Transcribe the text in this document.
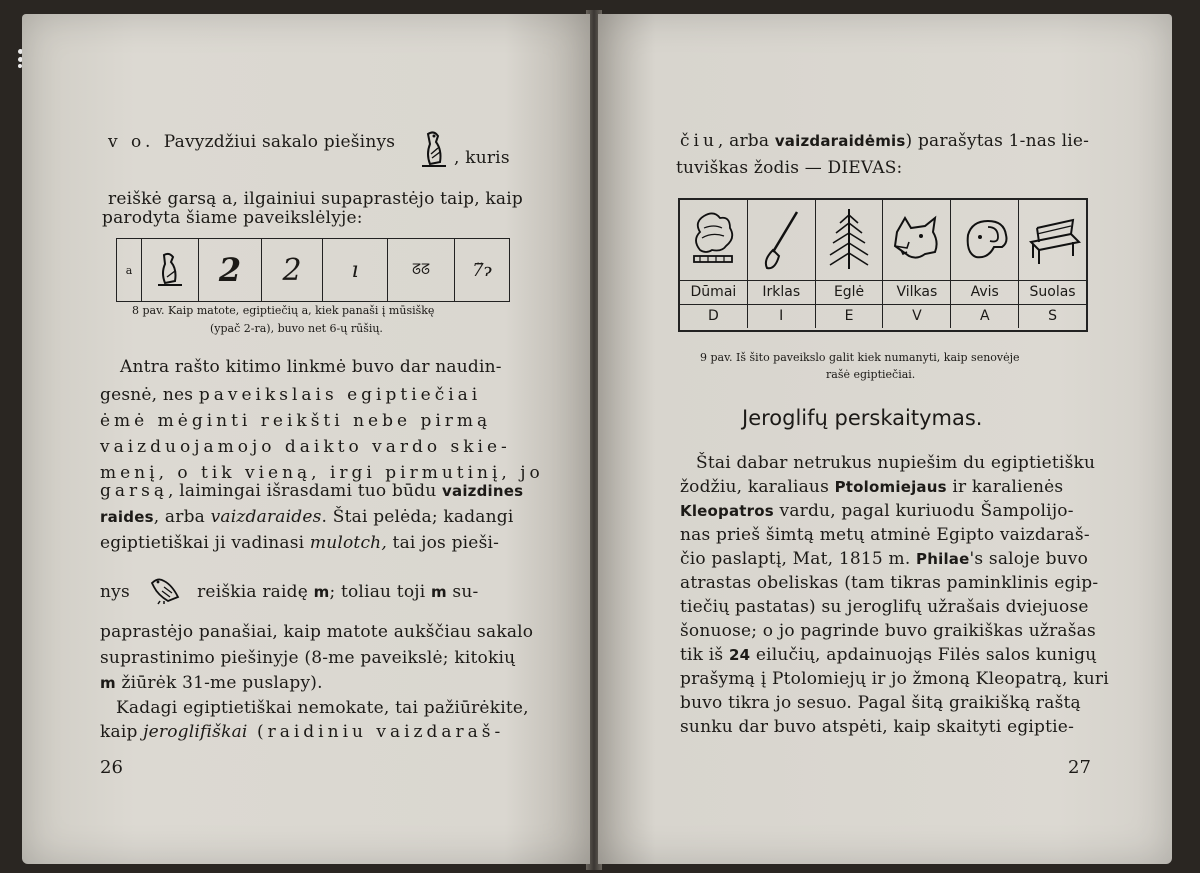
v o. Pavyzdžiui sakalo piešinys
, kuris
reiškė garsą a, ilgainiui supaprastėjo taip, kaip
parodyta šiame paveikslėlyje:
a	2	2	ı	ᘔᘔ	7̈ɂ
8 pav. Kaip matote, egiptiečių a, kiek panaši į mūsiškę
(ypač 2-ra), buvo net 6-ų rūšių.
Antra rašto kitimo linkmė buvo dar naudin-
gesnė, nes paveikslais egiptiečiai
ėmė mėginti reikšti nebe pirmą
vaizduojamojo daikto vardo skie-
menį, o tik vieną, irgi pirmutinį, jo
garsą, laimingai išrasdami tuo būdu vaizdines
raides, arba vaizdaraides. Štai pelėda; kadangi
egiptietiškai ji vadinasi mulotch, tai jos pieši-
nys	reiškia raidę m; toliau toji m su-
paprastėjo panašiai, kaip matote aukščiau sakalo
suprastinimo piešinyje (8-me paveikslė; kitokių
m žiūrėk 31-me puslapy).
Kadagi egiptietiškai nemokate, tai pažiūrėkite,
kaip jeroglifiškai (raidiniu vaizdaraš-
26
čiu, arba vaizdaraidėmis) parašytas 1-nas lie-
tuviškas žodis — DIEVAS:
Dūmai	Irklas	Eglė	Vilkas	Avis	Suolas
D	I	E	V	A	S
9 pav. Iš šito paveikslo galit kiek numanyti, kaip senovėje
rašė egiptiečiai.
Jeroglifų perskaitymas.
Štai dabar netrukus nupiešim du egiptietišku
žodžiu, karaliaus Ptolomiejaus ir karalienės
Kleopatros vardu, pagal kuriuodu Šampolijo-
nas prieš šimtą metų atminė Egipto vaizdaraš-
čio paslaptį, Mat, 1815 m. Philae's saloje buvo
atrastas obeliskas (tam tikras paminklinis egip-
tiečių pastatas) su jeroglifų užrašais dviejuose
šonuose; o jo pagrinde buvo graikiškas užrašas
tik iš 24 eilučių, apdainuojąs Filės salos kunigų
prašymą į Ptolomiejų ir jo žmoną Kleopatrą, kuri
buvo tikra jo sesuo. Pagal šitą graikišką raštą
sunku dar buvo atspėti, kaip skaityti egiptie-
27
